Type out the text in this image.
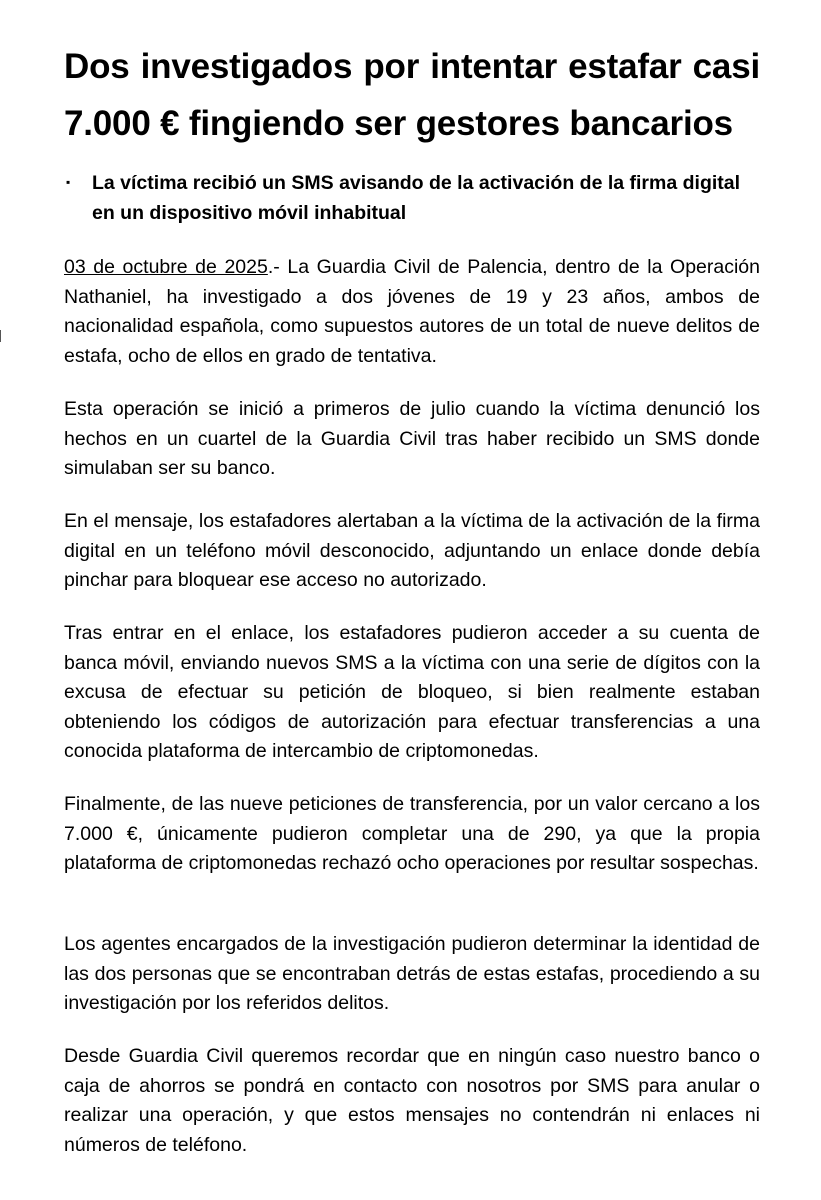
Dos investigados por intentar estafar casi 7.000 € fingiendo ser gestores bancarios
▪ La víctima recibió un SMS avisando de la activación de la firma digital en un dispositivo móvil inhabitual

03 de octubre de 2025.- La Guardia Civil de Palencia, dentro de la Operación Nathaniel, ha investigado a dos jóvenes de 19 y 23 años, ambos de nacionalidad española, como supuestos autores de un total de nueve delitos de estafa, ocho de ellos en grado de tentativa.

Esta operación se inició a primeros de julio cuando la víctima denunció los hechos en un cuartel de la Guardia Civil tras haber recibido un SMS donde simulaban ser su banco.

En el mensaje, los estafadores alertaban a la víctima de la activación de la firma digital en un teléfono móvil desconocido, adjuntando un enlace donde debía pinchar para bloquear ese acceso no autorizado.

Tras entrar en el enlace, los estafadores pudieron acceder a su cuenta de banca móvil, enviando nuevos SMS a la víctima con una serie de dígitos con la excusa de efectuar su petición de bloqueo, si bien realmente estaban obteniendo los códigos de autorización para efectuar transferencias a una conocida plataforma de intercambio de criptomonedas.

Finalmente, de las nueve peticiones de transferencia, por un valor cercano a los 7.000 €, únicamente pudieron completar una de 290, ya que la propia plataforma de criptomonedas rechazó ocho operaciones por resultar sospechas.

Los agentes encargados de la investigación pudieron determinar la identidad de las dos personas que se encontraban detrás de estas estafas, procediendo a su investigación por los referidos delitos.

Desde Guardia Civil queremos recordar que en ningún caso nuestro banco o caja de ahorros se pondrá en contacto con nosotros por SMS para anular o realizar una operación, y que estos mensajes no contendrán ni enlaces ni números de teléfono.
